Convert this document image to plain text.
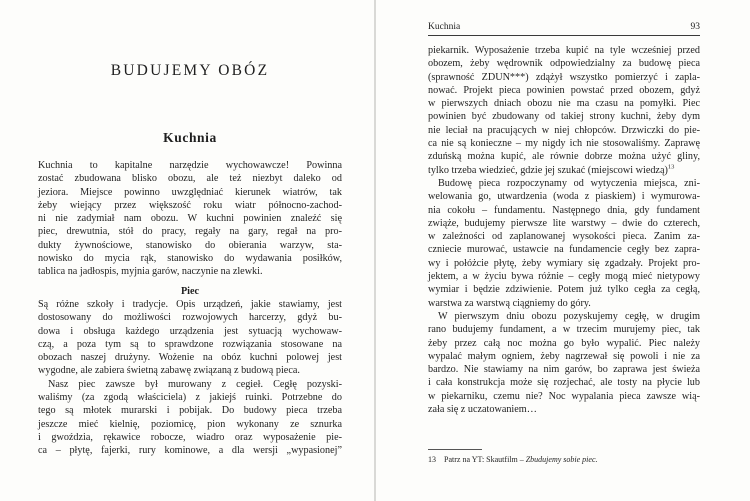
BUDUJEMY OBÓZ
Kuchnia
Kuchnia to kapitalne narzędzie wychowawcze! Powinna
zostać zbudowana blisko obozu, ale też niezbyt daleko od
jeziora. Miejsce powinno uwzględniać kierunek wiatrów, tak
żeby wiejący przez większość roku wiatr północno-zachod-
ni nie zadymiał nam obozu. W kuchni powinien znaleźć się
piec, drewutnia, stół do pracy, regały na gary, regał na pro-
dukty żywnościowe, stanowisko do obierania warzyw, sta-
nowisko do mycia rąk, stanowisko do wydawania posiłków,
tablica na jadłospis, myjnia garów, naczynie na zlewki.

Piec
Są różne szkoły i tradycje. Opis urządzeń, jakie stawiamy, jest
dostosowany do możliwości rozwojowych harcerzy, gdyż bu-
dowa i obsługa każdego urządzenia jest sytuacją wychowaw-
czą, a poza tym są to sprawdzone rozwiązania stosowane na
obozach naszej drużyny. Wożenie na obóz kuchni polowej jest
wygodne, ale zabiera świetną zabawę związaną z budową pieca.
Nasz piec zawsze był murowany z cegieł. Cegłę pozyski-
waliśmy (za zgodą właściciela) z jakiejś ruinki. Potrzebne do
tego są młotek murarski i pobijak. Do budowy pieca trzeba
jeszcze mieć kielnię, poziomicę, pion wykonany ze sznurka
i gwoździa, rękawice robocze, wiadro oraz wyposażenie pie-
ca – płytę, fajerki, rury kominowe, a dla wersji „wypasionej”
Kuchnia	93
piekarnik. Wyposażenie trzeba kupić na tyle wcześniej przed
obozem, żeby wędrownik odpowiedzialny za budowę pieca
(sprawność ZDUN***) zdążył wszystko pomierzyć i zapla-
nować. Projekt pieca powinien powstać przed obozem, gdyż
w pierwszych dniach obozu nie ma czasu na pomyłki. Piec
powinien być zbudowany od takiej strony kuchni, żeby dym
nie leciał na pracujących w niej chłopców. Drzwiczki do pie-
ca nie są konieczne – my nigdy ich nie stosowaliśmy. Zaprawę
zduńską można kupić, ale równie dobrze można użyć gliny,
tylko trzeba wiedzieć, gdzie jej szukać (miejscowi wiedzą)$^{13}$
Budowę pieca rozpoczynamy od wytyczenia miejsca, zni-
welowania go, utwardzenia (woda z piaskiem) i wymurowa-
nia cokołu – fundamentu. Następnego dnia, gdy fundament
zwiąże, budujemy pierwsze lite warstwy – dwie do czterech,
w zależności od zaplanowanej wysokości pieca. Zanim za-
czniecie murować, ustawcie na fundamencie cegły bez zapra-
wy i połóżcie płytę, żeby wymiary się zgadzały. Projekt pro-
jektem, a w życiu bywa różnie – cegły mogą mieć nietypowy
wymiar i będzie zdziwienie. Potem już tylko cegła za cegłą,
warstwa za warstwą ciągniemy do góry.
W pierwszym dniu obozu pozyskujemy cegłę, w drugim
rano budujemy fundament, a w trzecim murujemy piec, tak
żeby przez całą noc można go było wypalić. Piec należy
wypalać małym ogniem, żeby nagrzewał się powoli i nie za
bardzo. Nie stawiamy na nim garów, bo zaprawa jest świeża
i cała konstrukcja może się rozjechać, ale tosty na płycie lub
w piekarniku, czemu nie? Noc wypalania pieca zawsze wią-
zała się z uczatowaniem…
13 Patrz na YT: Skautfilm – Zbudujemy sobie piec.
